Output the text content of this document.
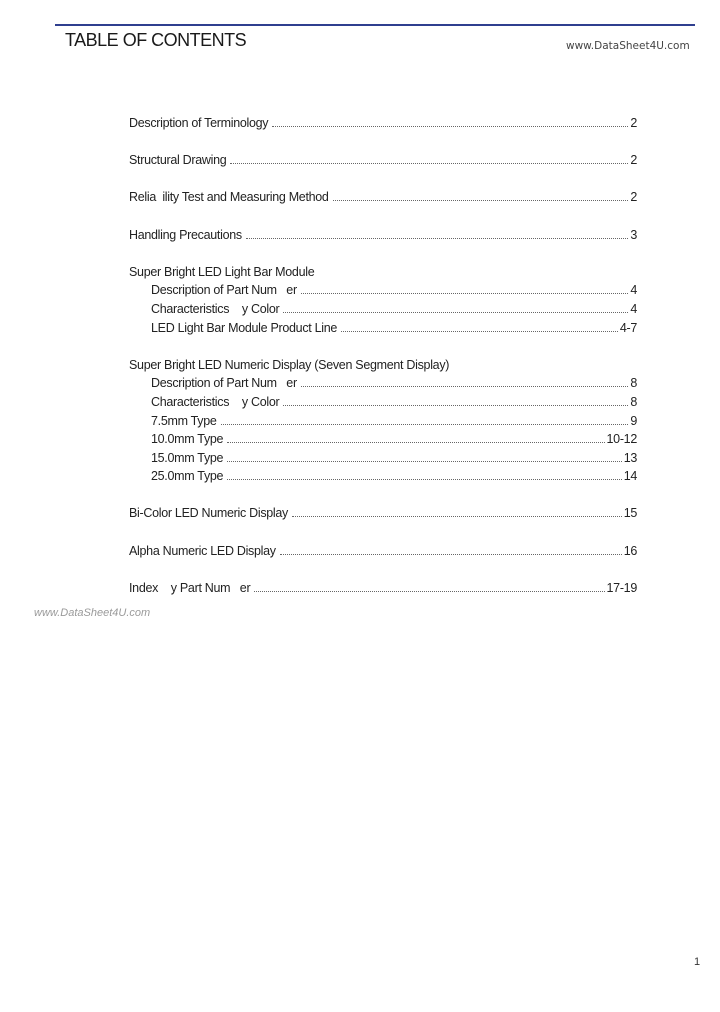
TABLE OF CONTENTS	www.DataSheet4U.com
Description of Terminology	2
Structural Drawing	2
Relia  ility Test and Measuring Method	2
Handling Precautions	3
Super Bright LED Light Bar Module
Description of Part Num   er	4
Characteristics    y Color	4
LED Light Bar Module Product Line	4-7
Super Bright LED Numeric Display (Seven Segment Display)
Description of Part Num   er	8
Characteristics    y Color	8
7.5mm Type	9
10.0mm Type	10-12
15.0mm Type	13
25.0mm Type	14
Bi-Color LED Numeric Display	15
Alpha Numeric LED Display	16
Index    y Part Num   er	17-19
www.DataSheet4U.com
1
